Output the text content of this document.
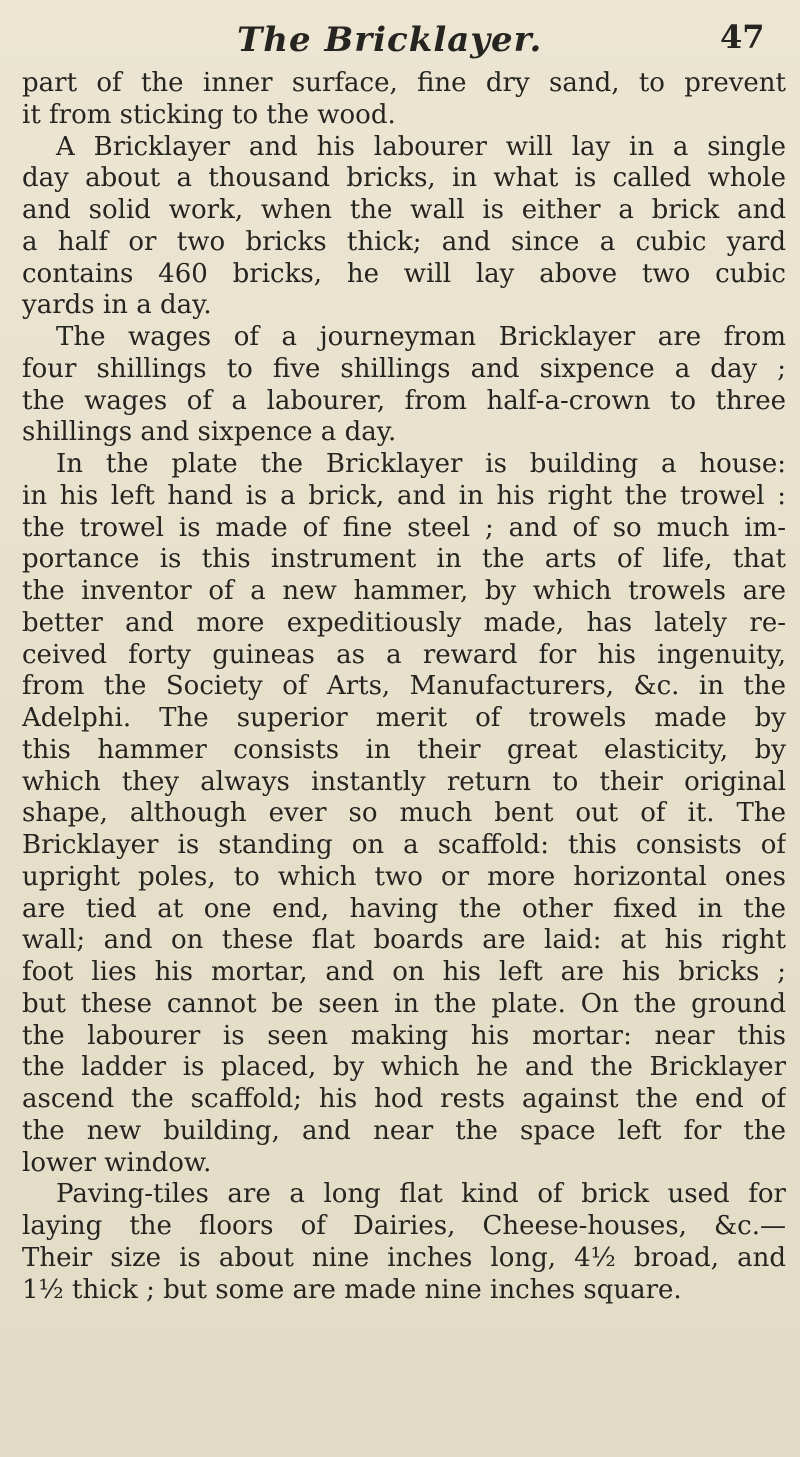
The Bricklayer.	47
part of the inner surface, fine dry sand, to prevent
it from sticking to the wood.
A Bricklayer and his labourer will lay in a single
day about a thousand bricks, in what is called whole
and solid work, when the wall is either a brick and
a half or two bricks thick; and since a cubic yard
contains 460 bricks, he will lay above two cubic
yards in a day.
The wages of a journeyman Bricklayer are from
four shillings to five shillings and sixpence a day ;
the wages of a labourer, from half-a-crown to three
shillings and sixpence a day.
In the plate the Bricklayer is building a house:
in his left hand is a brick, and in his right the trowel :
the trowel is made of fine steel ; and of so much im-
portance is this instrument in the arts of life, that
the inventor of a new hammer, by which trowels are
better and more expeditiously made, has lately re-
ceived forty guineas as a reward for his ingenuity,
from the Society of Arts, Manufacturers, &c. in the
Adelphi. The superior merit of trowels made by
this hammer consists in their great elasticity, by
which they always instantly return to their original
shape, although ever so much bent out of it. The
Bricklayer is standing on a scaffold: this consists of
upright poles, to which two or more horizontal ones
are tied at one end, having the other fixed in the
wall; and on these flat boards are laid: at his right
foot lies his mortar, and on his left are his bricks ;
but these cannot be seen in the plate. On the ground
the labourer is seen making his mortar: near this
the ladder is placed, by which he and the Bricklayer
ascend the scaffold; his hod rests against the end of
the new building, and near the space left for the
lower window.
Paving-tiles are a long flat kind of brick used for
laying the floors of Dairies, Cheese-houses, &c.—
Their size is about nine inches long, 4½ broad, and
1½ thick ; but some are made nine inches square.
